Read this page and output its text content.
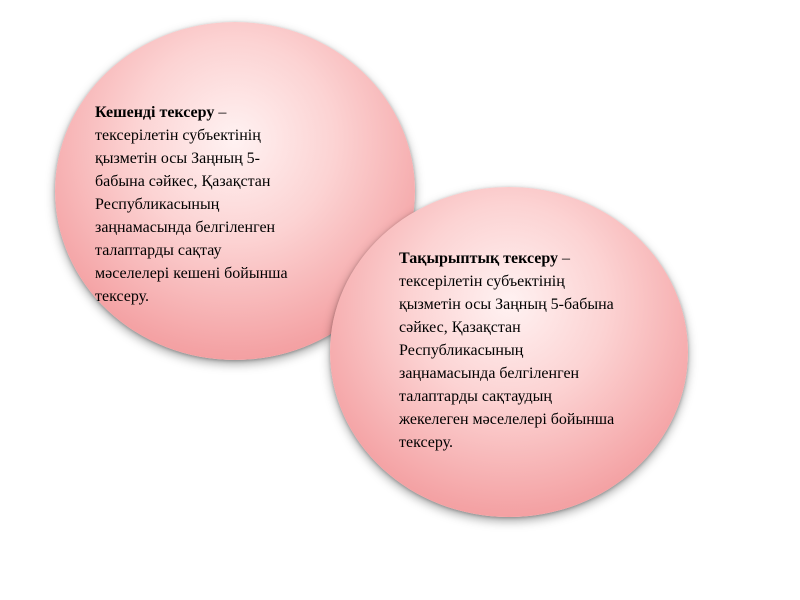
Кешенді тексеру –
тексерілетін субъектінің
қызметін осы Заңның 5-
бабына сәйкес, Қазақстан
Республикасының
заңнамасында белгіленген
талаптарды сақтау
мәселелері кешені бойынша
тексеру.
Тақырыптық тексеру –
тексерілетін субъектінің
қызметін осы Заңның 5-бабына
сәйкес, Қазақстан
Республикасының
заңнамасында белгіленген
талаптарды сақтаудың
жекелеген мәселелері бойынша
тексеру.
